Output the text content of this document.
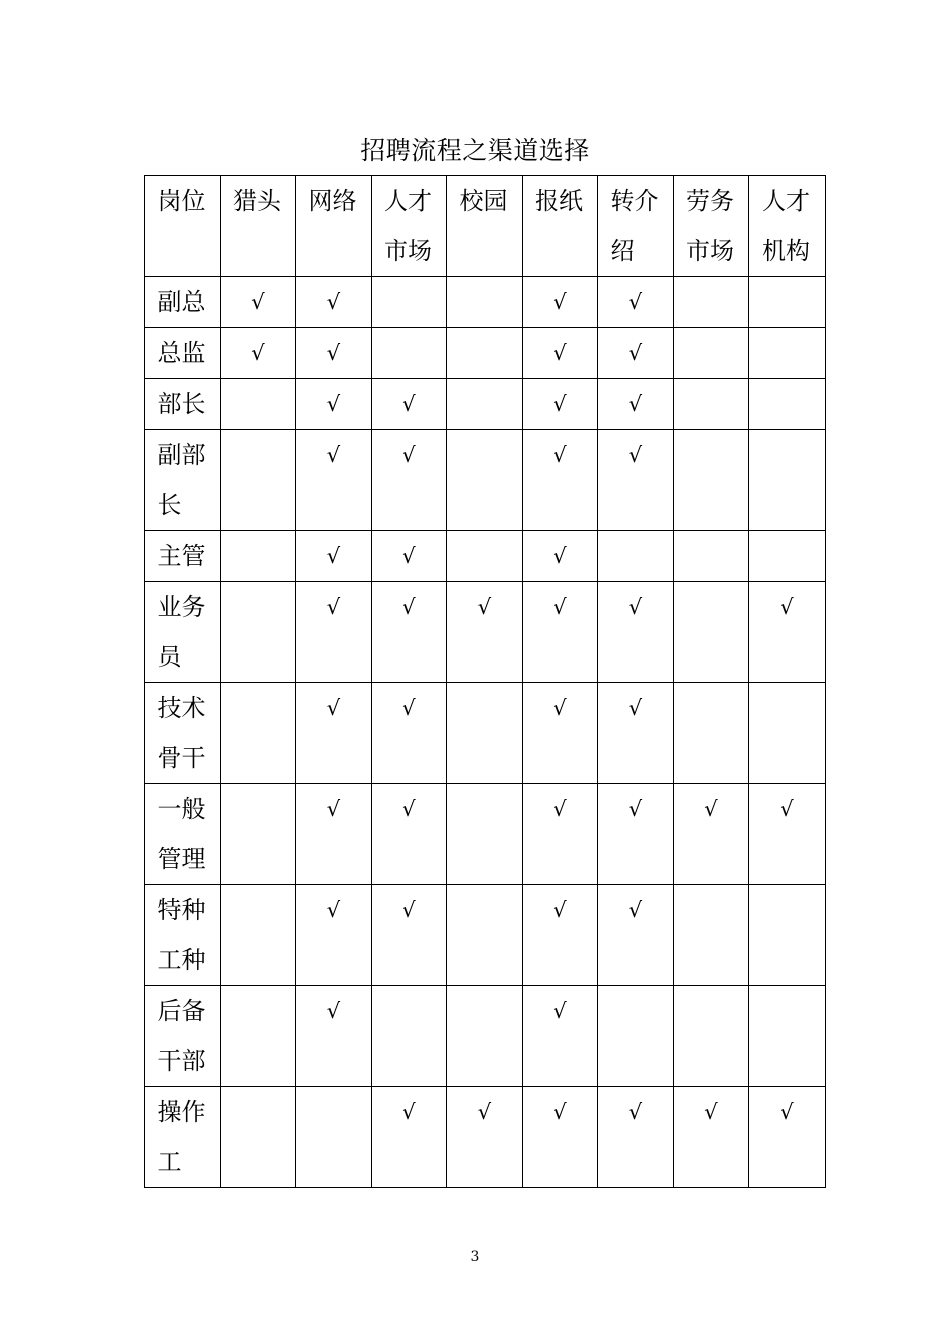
招聘流程之渠道选择
岗位	猎头	网络	人才市场	校园	报纸	转介绍	劳务市场	人才机构

副总	√	√			√	√		

总监	√	√			√	√		

部长		√	√		√	√		

副部长		√	√		√	√		

主管		√	√		√			

业务员		√	√	√	√	√		√

技术骨干		√	√		√	√		

一般管理		√	√		√	√	√	√

特种工种		√	√		√	√		

后备干部		√			√			

操作工			√	√	√	√	√	√
3
